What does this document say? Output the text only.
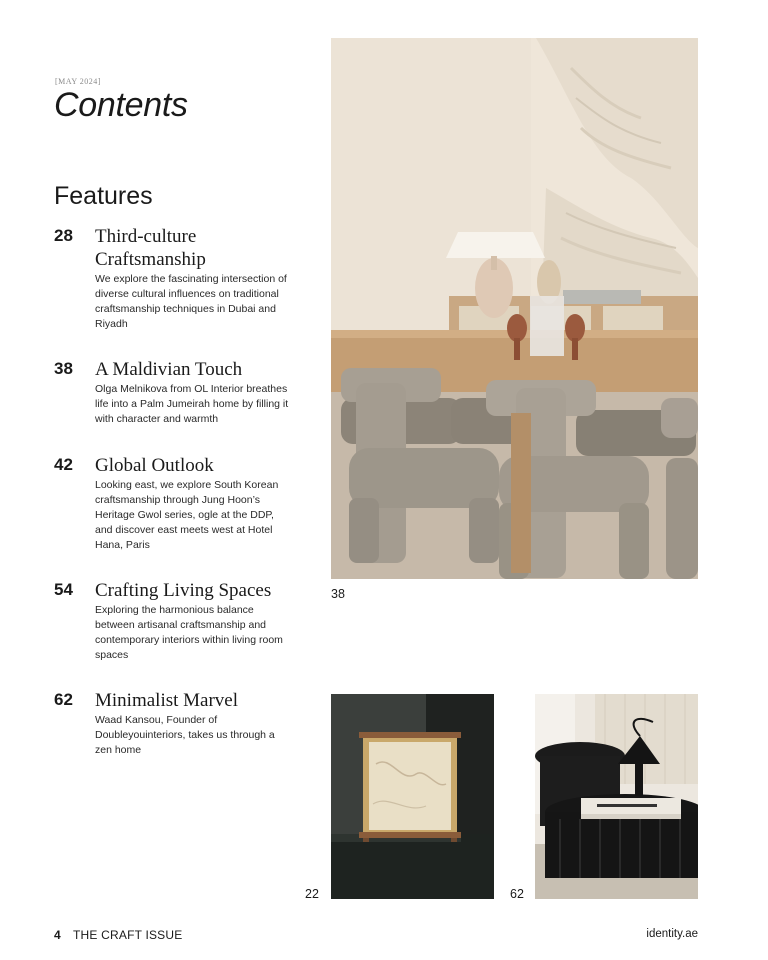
[MAY 2024]
Contents
Features
28 Third-culture Craftsmanship
We explore the fascinating intersection of diverse cultural influences on traditional craftsmanship techniques in Dubai and Riyadh
38 A Maldivian Touch
Olga Melnikova from OL Interior breathes life into a Palm Jumeirah home by filling it with character and warmth
42 Global Outlook
Looking east, we explore South Korean craftsmanship through Jung Hoon’s Heritage Gwol series, ogle at the DDP, and discover east meets west at Hotel Hana, Paris
54 Crafting Living Spaces
Exploring the harmonious balance between artisanal craftsmanship and contemporary interiors within living room spaces
62 Minimalist Marvel
Waad Kansou, Founder of Doubleyouinteriors, takes us through a zen home
38
22	62
4 THE CRAFT ISSUE	identity.ae
